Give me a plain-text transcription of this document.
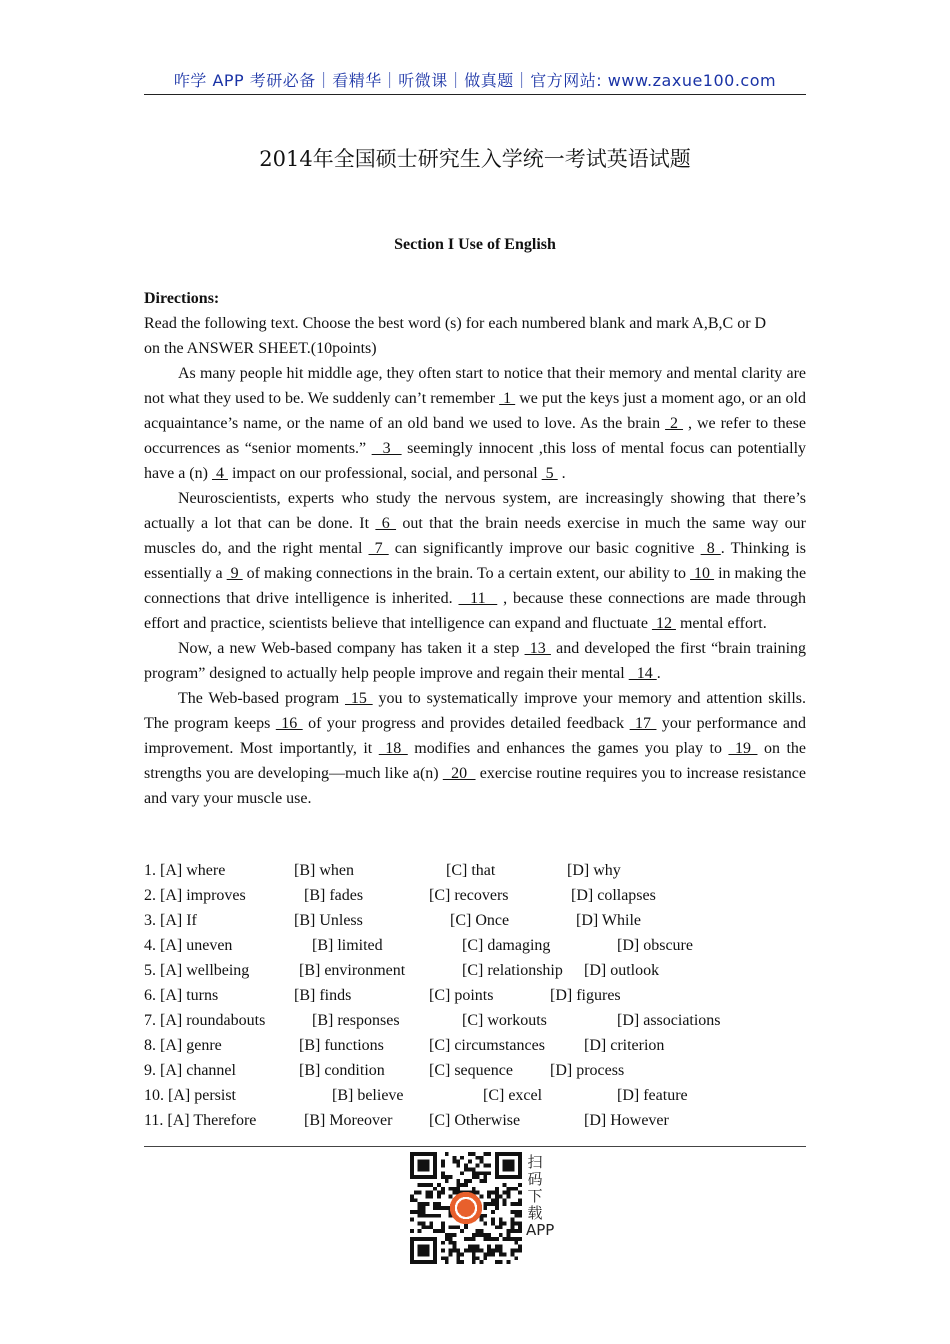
咋学 APP 考研必备｜看精华｜听微课｜做真题｜官方网站: www.zaxue100.com
2014年全国硕士研究生入学统一考试英语试题
Section I Use of English
Directions:
Read the following text. Choose the best word (s) for each numbered blank and mark A,B,C or D
on the ANSWER SHEET.(10points)
As many people hit middle age, they often start to notice that their memory and mental clarity are not what they used to be. We suddenly can’t remember  1  we put the keys just a moment ago, or an old acquaintance’s name, or the name of an old band we used to love. As the brain  2  , we refer to these occurrences as “senior moments.”   3   seemingly innocent ,this loss of mental focus can potentially have a (n)  4  impact on our professional, social, and personal  5  .
Neuroscientists, experts who study the nervous system, are increasingly showing that there’s actually a lot that can be done. It  6  out that the brain needs exercise in much the same way our muscles do, and the right mental  7  can significantly improve our basic cognitive  8 . Thinking is essentially a  9  of making connections in the brain. To a certain extent, our ability to  10  in making the connections that drive intelligence is inherited.   11   , because these connections are made through effort and practice, scientists believe that intelligence can expand and fluctuate  12  mental effort.
Now, a new Web-based company has taken it a step  13  and developed the first “brain training program” designed to actually help people improve and regain their mental   14 .
The Web-based program  15  you to systematically improve your memory and attention skills. The program keeps  16  of your progress and provides detailed feedback  17  your performance and improvement. Most importantly, it  18  modifies and enhances the games you play to  19  on the strengths you are developing—much like a(n)   20   exercise routine requires you to increase resistance and vary your muscle use.
1. [A] where	[B] when	[C] that	[D] why
2. [A] improves	[B] fades	[C] recovers	[D] collapses
3. [A] If	[B] Unless	[C] Once	[D] While
4. [A] uneven	[B] limited	[C] damaging	[D] obscure
5. [A] wellbeing	[B] environment	[C] relationship [D] outlook
6. [A] turns	[B] finds	[C] points	[D] figures
7. [A] roundabouts	[B] responses	[C] workouts	[D] associations
8. [A] genre	[B] functions	[C] circumstances [D] criterion
9. [A] channel	[B] condition	[C] sequence [D] process
10. [A] persist	[B] believe	[C] excel	[D] feature
11. [A] Therefore	[B] Moreover [C] Otherwise	[D] However
扫码下载APP
